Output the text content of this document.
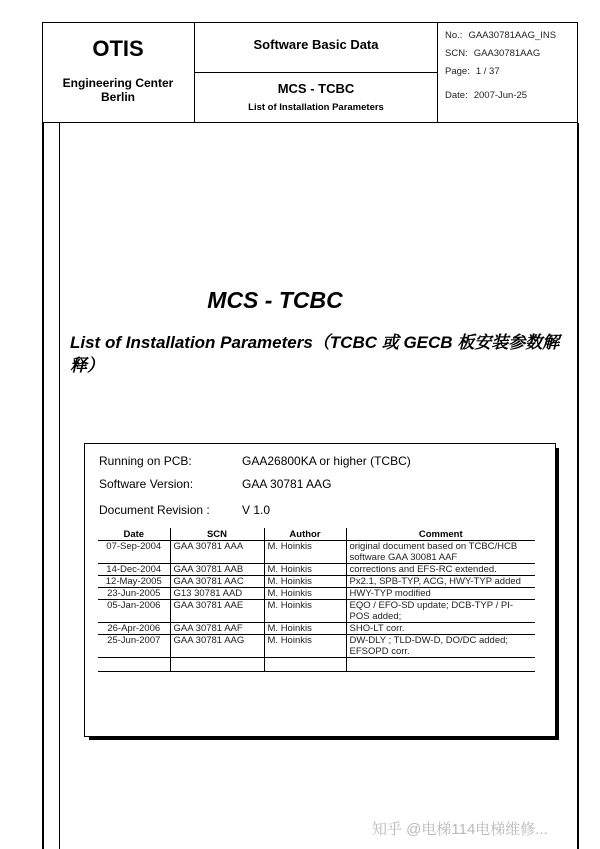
OTIS
Engineering Center
Berlin
Software Basic Data
MCS - TCBC
List of Installation Parameters
No.: GAA30781AAG_INS
SCN: GAA30781AAG
Page: 1 / 37
Date: 2007-Jun-25
MCS - TCBC
List of Installation Parameters（TCBC 或 GECB 板安装参数解释）
Running on PCB:	GAA26800KA or higher (TCBC)
Software Version:	GAA 30781 AAG
Document Revision :	V 1.0
Date	SCN	Author	Comment
07-Sep-2004	GAA 30781 AAA	M. Hoinkis	original document based on TCBC/HCB software GAA 30081 AAF
14-Dec-2004	GAA 30781 AAB	M. Hoinkis	corrections and EFS-RC extended.
12-May-2005	GAA 30781 AAC	M. Hoinkis	Px2.1, SPB-TYP, ACG, HWY-TYP added
23-Jun-2005	G13 30781 AAD	M. Hoinkis	HWY-TYP modified
05-Jan-2006	GAA 30781 AAE	M. Hoinkis	EQO / EFO-SD update; DCB-TYP / PI-POS added;
26-Apr-2006	GAA 30781 AAF	M. Hoinkis	SHO-LT corr.
25-Jun-2007	GAA 30781 AAG	M. Hoinkis	DW-DLY ; TLD-DW-D, DO/DC added; EFSOPD corr.

知乎 @电梯114电梯维修...
